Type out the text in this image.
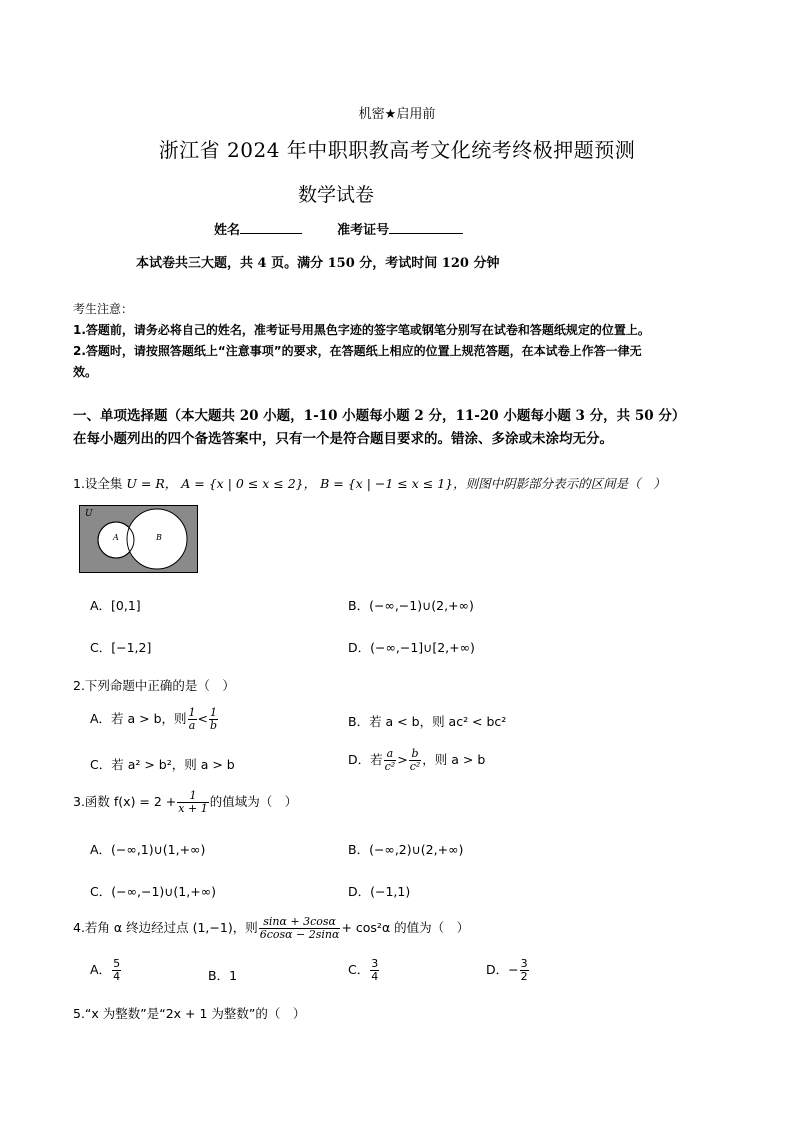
机密★启用前
浙江省 2024 年中职职教高考文化统考终极押题预测
数学试卷
姓名	准考证号
本试卷共三大题，共 4 页。满分 150 分，考试时间 120 分钟
考生注意：
1.答题前，请务必将自己的姓名，准考证号用黑色字迹的签字笔或钢笔分别写在试卷和答题纸规定的位置上。
2.答题时，请按照答题纸上“注意事项”的要求，在答题纸上相应的位置上规范答题，在本试卷上作答一律无
效。
一、单项选择题（本大题共 20 小题，1-10 小题每小题 2 分，11-20 小题每小题 3 分，共 50 分）
在每小题列出的四个备选答案中，只有一个是符合题目要求的。错涂、多涂或未涂均无分。
1.设全集 U = R， A = {x | 0 ≤ x ≤ 2}， B = {x | −1 ≤ x ≤ 1}，则图中阴影部分表示的区间是（　）
U
A	B
A．[0,1]	B．(−∞,−1)∪(2,+∞)
C．[−1,2]	D．(−∞,−1]∪[2,+∞)
2.下列命题中正确的是（　）
A．若 a > b，则 $\frac{1}{a} < \frac{1}{b}$	B．若 a < b，则 ac² < bc²
C．若 a² > b²，则 a > b	D．若 $\frac{a}{\text{c²}} > \frac{b}{\text{c²}}$ ，则 a > b
3.函数 $f(x) = 2 + \frac{1}{x + 1}$ 的值域为（　）
A．(−∞,1)∪(1,+∞)	B．(−∞,2)∪(2,+∞)
C．(−∞,−1)∪(1,+∞)	D．(−1,1)
4.若角 α 终边经过点 (1,−1)，则 $\frac{\sin\alpha + 3\cos\alpha}{6\cos\alpha - 2\sin\alpha} + \cos^2\alpha$ 的值为（　）
A． $\frac{5}{4}$	B．1	C． $\frac{3}{4}$	D．− $\frac{3}{2}$
5.“x 为整数”是“2x + 1 为整数”的（　）
